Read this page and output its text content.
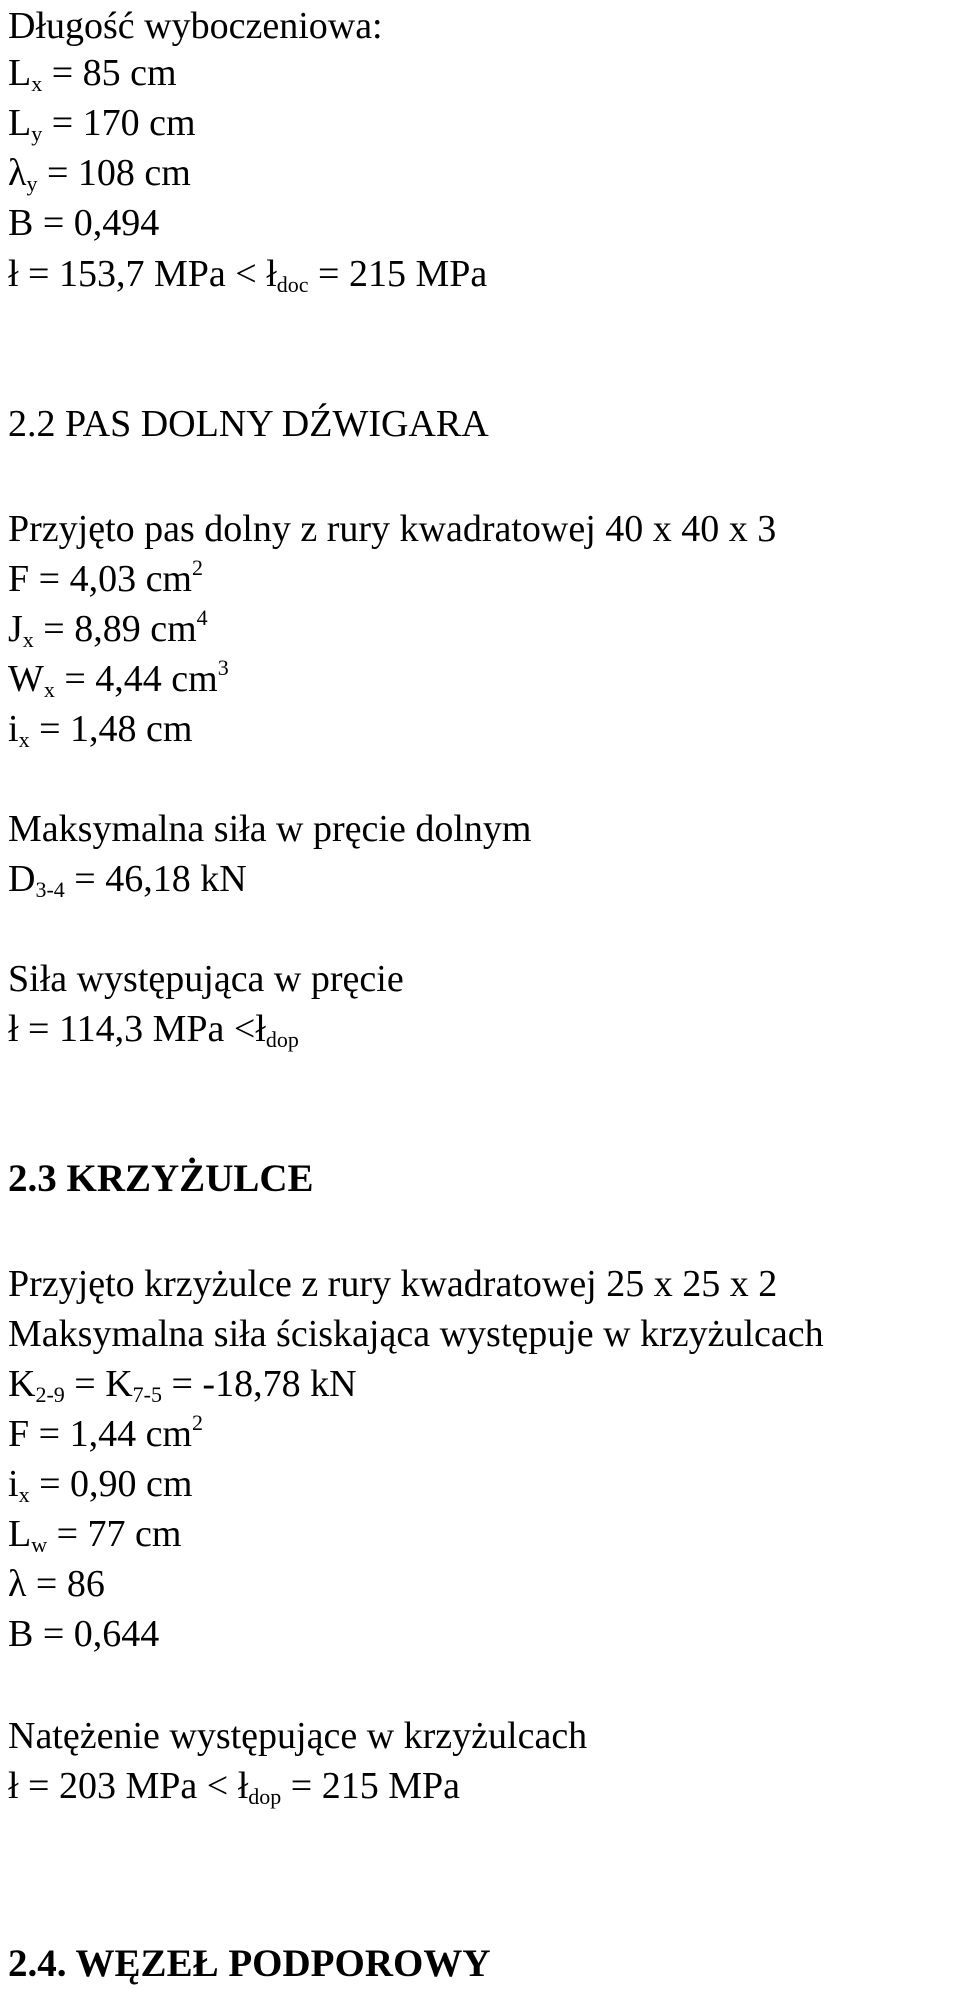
Długość wyboczeniowa:
$L_x = 85$ cm
$L_y = 170$ cm
$\lambda_y = 108$ cm
B = 0,494
ł = 153,7 MPa < $ł_{doc} = 215$ MPa
2.2 PAS DOLNY DŹWIGARA
Przyjęto pas dolny z rury kwadratowej 40 x 40 x 3
F = 4,03 $cm^2$
$J_x = 8,89$ $cm^4$
$W_x = 4,44$ $cm^3$
$i_x = 1,48$ cm
Maksymalna siła w pręcie dolnym
$D_{3-4} = 46,18$ kN
Siła występująca w pręcie
ł = 114,3 MPa $<ł_{dop}$
2.3 KRZYŻULCE
Przyjęto krzyżulce z rury kwadratowej 25 x 25 x 2
Maksymalna siła ściskająca występuje w krzyżulcach
$K_{2-9} = K_{7-5} = -18,78$ kN
F = 1,44 $cm^2$
$i_x = 0,90$ cm
$L_w = 77$ cm
λ = 86
B = 0,644
Natężenie występujące w krzyżulcach
ł = 203 MPa < $ł_{dop} = 215$ MPa
2.4. WĘZEŁ PODPOROWY
